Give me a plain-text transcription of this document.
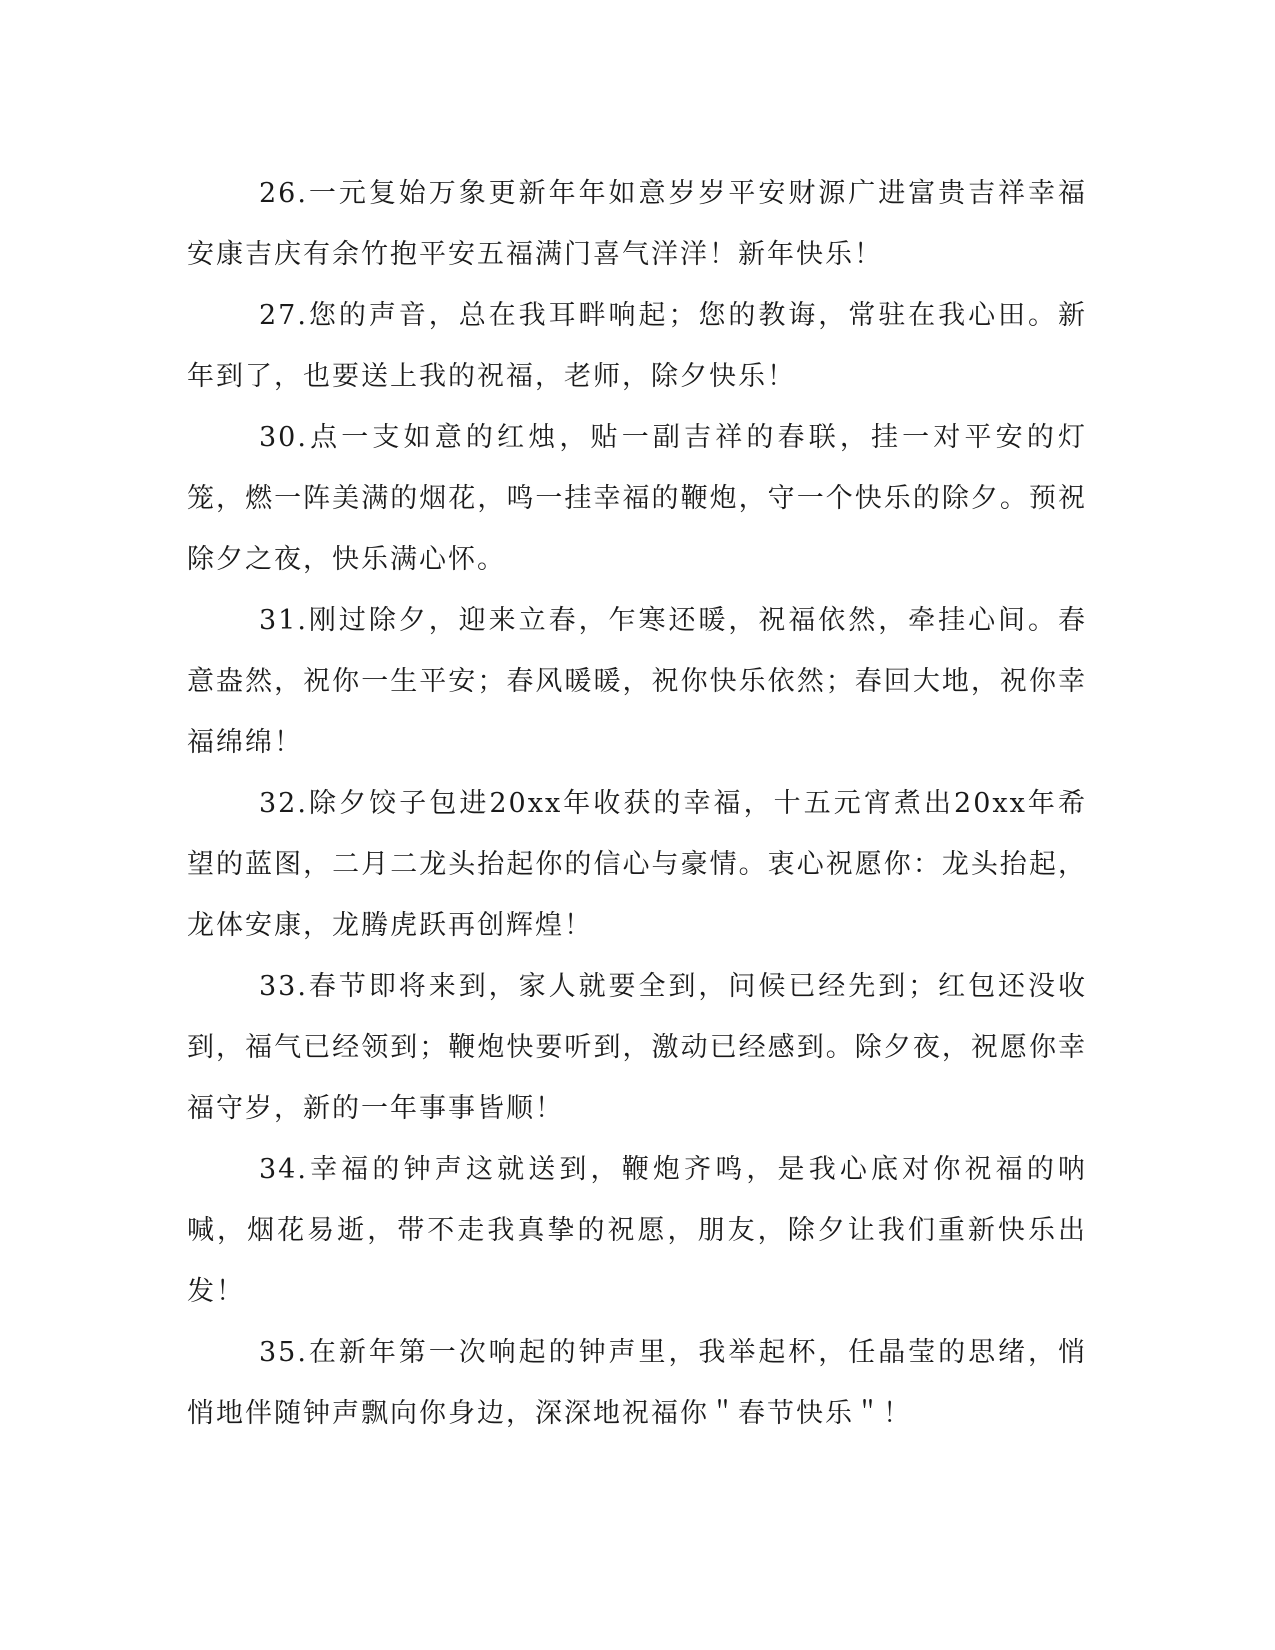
26.一元复始万象更新年年如意岁岁平安财源广进富贵吉祥幸福安康吉庆有余竹抱平安五福满门喜气洋洋！新年快乐！

27.您的声音，总在我耳畔响起；您的教诲，常驻在我心田。新年到了，也要送上我的祝福，老师，除夕快乐！

30.点一支如意的红烛，贴一副吉祥的春联，挂一对平安的灯笼，燃一阵美满的烟花，鸣一挂幸福的鞭炮，守一个快乐的除夕。预祝除夕之夜，快乐满心怀。

31.刚过除夕，迎来立春，乍寒还暖，祝福依然，牵挂心间。春意盎然，祝你一生平安；春风暖暖，祝你快乐依然；春回大地，祝你幸福绵绵！

32.除夕饺子包进20xx年收获的幸福，十五元宵煮出20xx年希望的蓝图，二月二龙头抬起你的信心与豪情。衷心祝愿你：龙头抬起，龙体安康，龙腾虎跃再创辉煌！

33.春节即将来到，家人就要全到，问候已经先到；红包还没收到，福气已经领到；鞭炮快要听到，激动已经感到。除夕夜，祝愿你幸福守岁，新的一年事事皆顺！

34.幸福的钟声这就送到，鞭炮齐鸣，是我心底对你祝福的呐喊，烟花易逝，带不走我真挚的祝愿，朋友，除夕让我们重新快乐出发！

35.在新年第一次响起的钟声里，我举起杯，任晶莹的思绪，悄悄地伴随钟声飘向你身边，深深地祝福你＂春节快乐＂！
